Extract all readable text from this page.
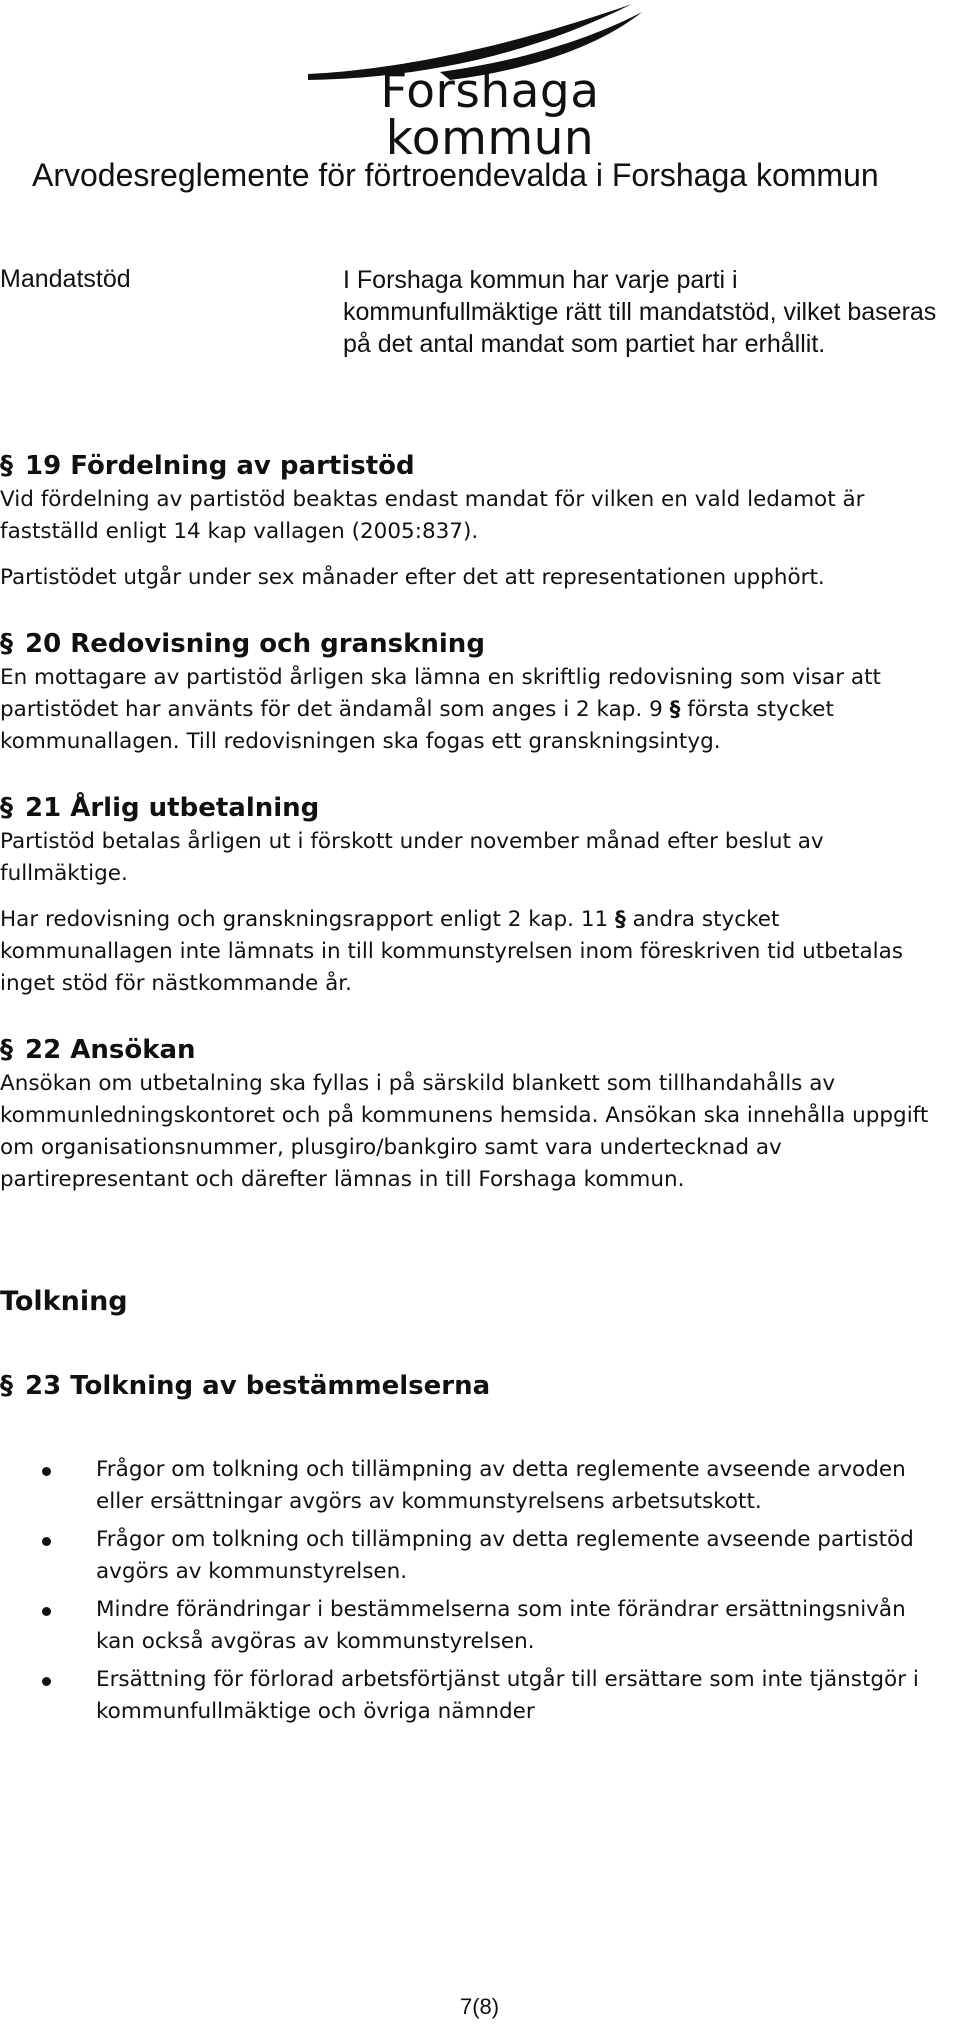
Forshaga kommun
Arvodesreglemente för förtroendevalda i Forshaga kommun
Mandatstöd	I Forshaga kommun har varje parti i kommunfullmäktige rätt till mandatstöd, vilket baseras på det antal mandat som partiet har erhållit.
§ 19 Fördelning av partistöd

Vid fördelning av partistöd beaktas endast mandat för vilken en vald ledamot är fastställd enligt 14 kap vallagen (2005:837).

Partistödet utgår under sex månader efter det att representationen upphört.

§ 20 Redovisning och granskning

En mottagare av partistöd årligen ska lämna en skriftlig redovisning som visar att partistödet har använts för det ändamål som anges i 2 kap. 9 § första stycket kommunallagen. Till redovisningen ska fogas ett granskningsintyg.

§ 21 Årlig utbetalning

Partistöd betalas årligen ut i förskott under november månad efter beslut av fullmäktige.

Har redovisning och granskningsrapport enligt 2 kap. 11 § andra stycket kommunallagen inte lämnats in till kommunstyrelsen inom föreskriven tid utbetalas inget stöd för nästkommande år.

§ 22 Ansökan

Ansökan om utbetalning ska fyllas i på särskild blankett som tillhandahålls av kommunledningskontoret och på kommunens hemsida. Ansökan ska innehålla uppgift om organisationsnummer, plusgiro/bankgiro samt vara undertecknad av partirepresentant och därefter lämnas in till Forshaga kommun.

Tolkning
§ 23 Tolkning av bestämmelserna
Frågor om tolkning och tillämpning av detta reglemente avseende arvoden eller ersättningar avgörs av kommunstyrelsens arbetsutskott.
Frågor om tolkning och tillämpning av detta reglemente avseende partistöd avgörs av kommunstyrelsen.
Mindre förändringar i bestämmelserna som inte förändrar ersättningsnivån kan också avgöras av kommunstyrelsen.
Ersättning för förlorad arbetsförtjänst utgår till ersättare som inte tjänstgör i kommunfullmäktige och övriga nämnder
7(8)
